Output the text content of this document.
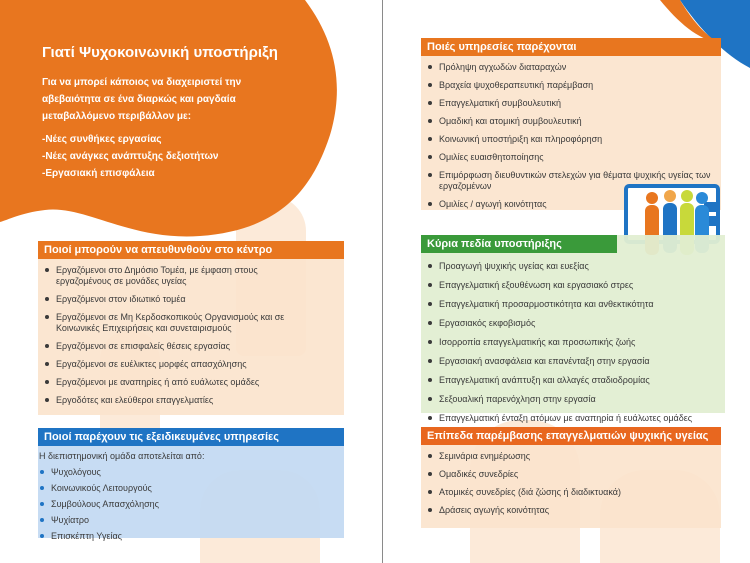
Γιατί Ψυχοκοινωνική υποστήριξη

Για να μπορεί κάποιος να διαχειριστεί την αβεβαιότητα σε ένα διαρκώς και ραγδαία μεταβαλλόμενο περιβάλλον με:

-Νέες συνθήκες εργασίας

-Νέες ανάγκες ανάπτυξης δεξιοτήτων

-Εργασιακή επισφάλεια

Ποιοί μπορούν να απευθυνθούν στο κέντρο
Εργαζόμενοι στο Δημόσιο Τομέα, με έμφαση στους εργαζομένους σε μονάδες υγείας
Εργαζόμενοι στον ιδιωτικό τομέα
Εργαζόμενοι σε Μη Κερδοσκοπικούς Οργανισμούς και σε Κοινωνικές Επιχειρήσεις και συνεταιρισμούς
Εργαζόμενοι σε επισφαλείς θέσεις εργασίας
Εργαζόμενοι σε ευέλικτες μορφές απασχόλησης
Εργαζόμενοι με αναπηρίες ή από ευάλωτες ομάδες
Εργοδότες και ελεύθεροι επαγγελματίες
Ποιοί παρέχουν τις εξειδικευμένες υπηρεσίες

Η διεπιστημονική ομάδα αποτελείται από:

Ψυχολόγους
Κοινωνικούς Λειτουργούς
Συμβούλους Απασχόλησης
Ψυχίατρο
Επισκέπτη Υγείας
Ποιές υπηρεσίες παρέχονται
Πρόληψη αγχωδών διαταραχών
Βραχεία ψυχοθεραπευτική παρέμβαση
Επαγγελματική συμβουλευτική
Ομαδική και ατομική συμβουλευτική
Κοινωνική υποστήριξη και πληροφόρηση
Ομιλίες ευαισθητοποίησης
Επιμόρφωση διευθυντικών στελεχών για θέματα ψυχικής υγείας των εργαζομένων
Ομιλίες / αγωγή κοινότητας
Κύρια πεδία υποστήριξης
Προαγωγή ψυχικής υγείας και ευεξίας
Επαγγελματική εξουθένωση και εργασιακό στρες
Επαγγελματική προσαρμοστικότητα και ανθεκτικότητα
Εργασιακός εκφοβισμός
Ισορροπία επαγγελματικής και προσωπικής ζωής
Εργασιακή ανασφάλεια και επανένταξη στην εργασία
Επαγγελματική ανάπτυξη και αλλαγές σταδιοδρομίας
Σεξουαλική παρενόχληση στην εργασία
Επαγγελματική ένταξη ατόμων με αναπηρία ή ευάλωτες ομάδες
Επίπεδα παρέμβασης επαγγελματιών ψυχικής υγείας
Σεμινάρια ενημέρωσης
Ομαδικές συνεδρίες
Ατομικές συνεδρίες (διά ζώσης ή διαδικτυακά)
Δράσεις αγωγής κοινότητας
